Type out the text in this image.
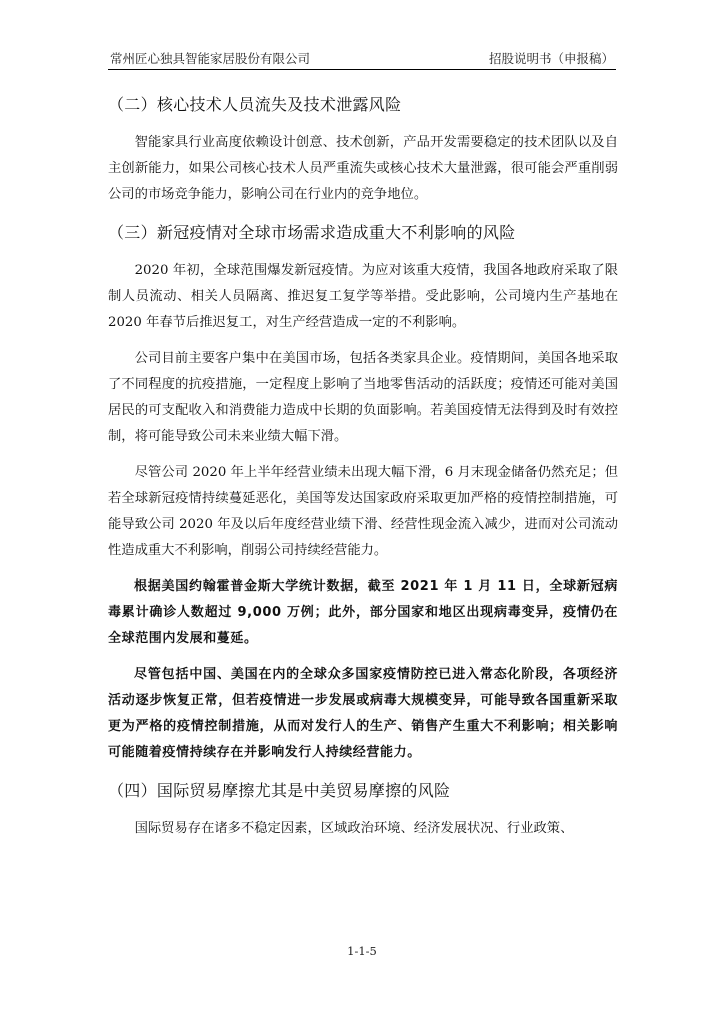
常州匠心独具智能家居股份有限公司	招股说明书（申报稿）
（二）核心技术人员流失及技术泄露风险

智能家具行业高度依赖设计创意、技术创新，产品开发需要稳定的技术团队以及自主创新能力，如果公司核心技术人员严重流失或核心技术大量泄露，很可能会严重削弱公司的市场竞争能力，影响公司在行业内的竞争地位。

（三）新冠疫情对全球市场需求造成重大不利影响的风险

2020 年初，全球范围爆发新冠疫情。为应对该重大疫情，我国各地政府采取了限制人员流动、相关人员隔离、推迟复工复学等举措。受此影响，公司境内生产基地在 2020 年春节后推迟复工，对生产经营造成一定的不利影响。

公司目前主要客户集中在美国市场，包括各类家具企业。疫情期间，美国各地采取了不同程度的抗疫措施，一定程度上影响了当地零售活动的活跃度；疫情还可能对美国居民的可支配收入和消费能力造成中长期的负面影响。若美国疫情无法得到及时有效控制，将可能导致公司未来业绩大幅下滑。

尽管公司 2020 年上半年经营业绩未出现大幅下滑，6 月末现金储备仍然充足；但若全球新冠疫情持续蔓延恶化，美国等发达国家政府采取更加严格的疫情控制措施，可能导致公司 2020 年及以后年度经营业绩下滑、经营性现金流入减少，进而对公司流动性造成重大不利影响，削弱公司持续经营能力。

根据美国约翰霍普金斯大学统计数据，截至 2021 年 1 月 11 日，全球新冠病毒累计确诊人数超过 9,000 万例；此外，部分国家和地区出现病毒变异，疫情仍在全球范围内发展和蔓延。

尽管包括中国、美国在内的全球众多国家疫情防控已进入常态化阶段，各项经济活动逐步恢复正常，但若疫情进一步发展或病毒大规模变异，可能导致各国重新采取更为严格的疫情控制措施，从而对发行人的生产、销售产生重大不利影响；相关影响可能随着疫情持续存在并影响发行人持续经营能力。

（四）国际贸易摩擦尤其是中美贸易摩擦的风险

国际贸易存在诸多不稳定因素，区域政治环境、经济发展状况、行业政策、

1-1-5
